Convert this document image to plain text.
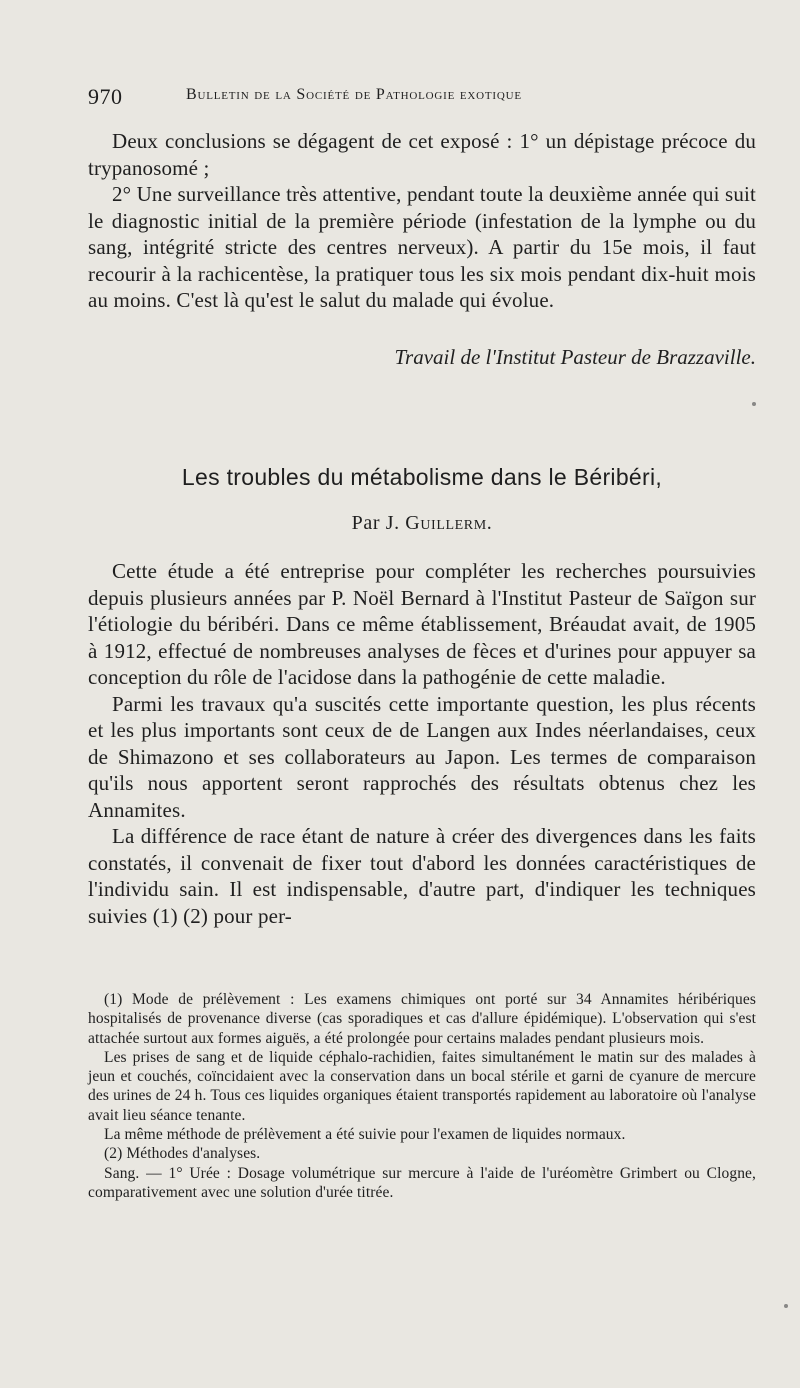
970	Bulletin de la Société de Pathologie exotique

Deux conclusions se dégagent de cet exposé : 1° un dépistage précoce du trypanosomé ;

2° Une surveillance très attentive, pendant toute la deuxième année qui suit le diagnostic initial de la première période (infestation de la lymphe ou du sang, intégrité stricte des centres nerveux). A partir du 15e mois, il faut recourir à la rachicentèse, la pratiquer tous les six mois pendant dix-huit mois au moins. C'est là qu'est le salut du malade qui évolue.

Travail de l'Institut Pasteur de Brazzaville.
Les troubles du métabolisme dans le Béribéri,
Par J. Guillerm.

Cette étude a été entreprise pour compléter les recherches poursuivies depuis plusieurs années par P. Noël Bernard à l'Institut Pasteur de Saïgon sur l'étiologie du béribéri. Dans ce même établissement, Bréaudat avait, de 1905 à 1912, effectué de nombreuses analyses de fèces et d'urines pour appuyer sa conception du rôle de l'acidose dans la pathogénie de cette maladie.

Parmi les travaux qu'a suscités cette importante question, les plus récents et les plus importants sont ceux de de Langen aux Indes néerlandaises, ceux de Shimazono et ses collaborateurs au Japon. Les termes de comparaison qu'ils nous apportent seront rapprochés des résultats obtenus chez les Annamites.

La différence de race étant de nature à créer des divergences dans les faits constatés, il convenait de fixer tout d'abord les données caractéristiques de l'individu sain. Il est indispensable, d'autre part, d'indiquer les techniques suivies (1) (2) pour per-

(1) Mode de prélèvement : Les examens chimiques ont porté sur 34 Annamites héribériques hospitalisés de provenance diverse (cas sporadiques et cas d'allure épidémique). L'observation qui s'est attachée surtout aux formes aiguës, a été prolongée pour certains malades pendant plusieurs mois.

Les prises de sang et de liquide céphalo-rachidien, faites simultanément le matin sur des malades à jeun et couchés, coïncidaient avec la conservation dans un bocal stérile et garni de cyanure de mercure des urines de 24 h. Tous ces liquides organiques étaient transportés rapidement au laboratoire où l'analyse avait lieu séance tenante.

La même méthode de prélèvement a été suivie pour l'examen de liquides normaux.

(2) Méthodes d'analyses.

Sang. — 1° Urée : Dosage volumétrique sur mercure à l'aide de l'uréomètre Grimbert ou Clogne, comparativement avec une solution d'urée titrée.
